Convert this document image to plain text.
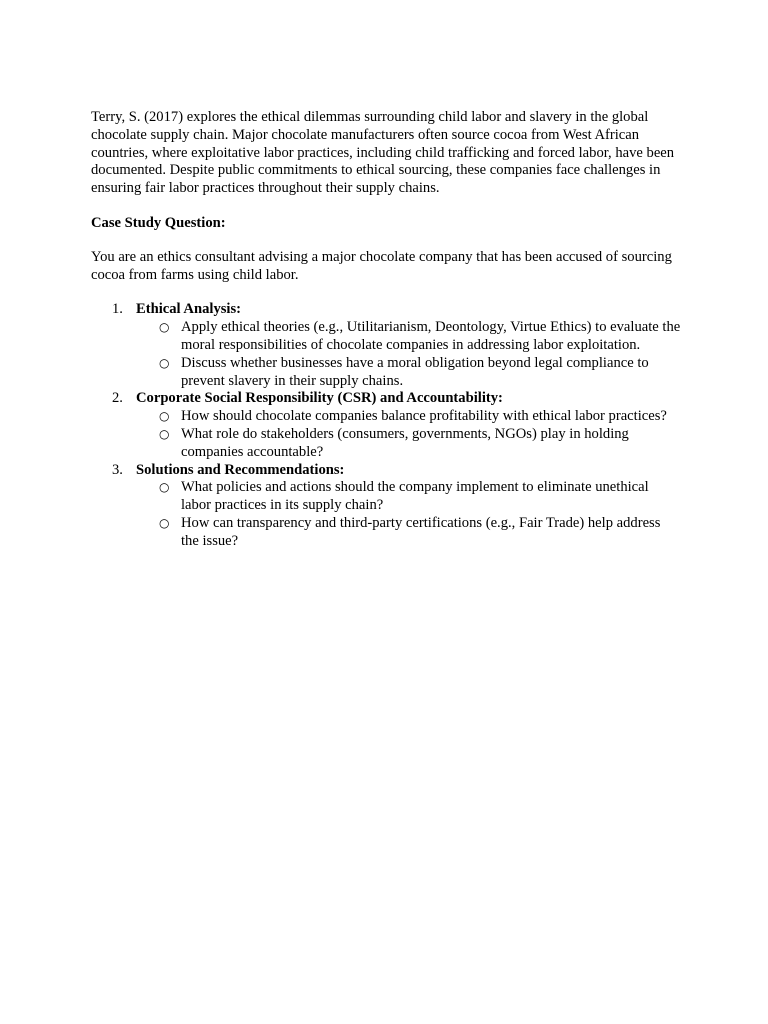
Terry, S. (2017) explores the ethical dilemmas surrounding child labor and slavery in the global chocolate supply chain. Major chocolate manufacturers often source cocoa from West African countries, where exploitative labor practices, including child trafficking and forced labor, have been documented. Despite public commitments to ethical sourcing, these companies face challenges in ensuring fair labor practices throughout their supply chains.

Case Study Question:

You are an ethics consultant advising a major chocolate company that has been accused of sourcing cocoa from farms using child labor.

1. Ethical Analysis:
○ Apply ethical theories (e.g., Utilitarianism, Deontology, Virtue Ethics) to evaluate the moral responsibilities of chocolate companies in addressing labor exploitation.
○ Discuss whether businesses have a moral obligation beyond legal compliance to prevent slavery in their supply chains.
2. Corporate Social Responsibility (CSR) and Accountability:
○ How should chocolate companies balance profitability with ethical labor practices?
○ What role do stakeholders (consumers, governments, NGOs) play in holding companies accountable?
3. Solutions and Recommendations:
○ What policies and actions should the company implement to eliminate unethical labor practices in its supply chain?
○ How can transparency and third-party certifications (e.g., Fair Trade) help address the issue?
